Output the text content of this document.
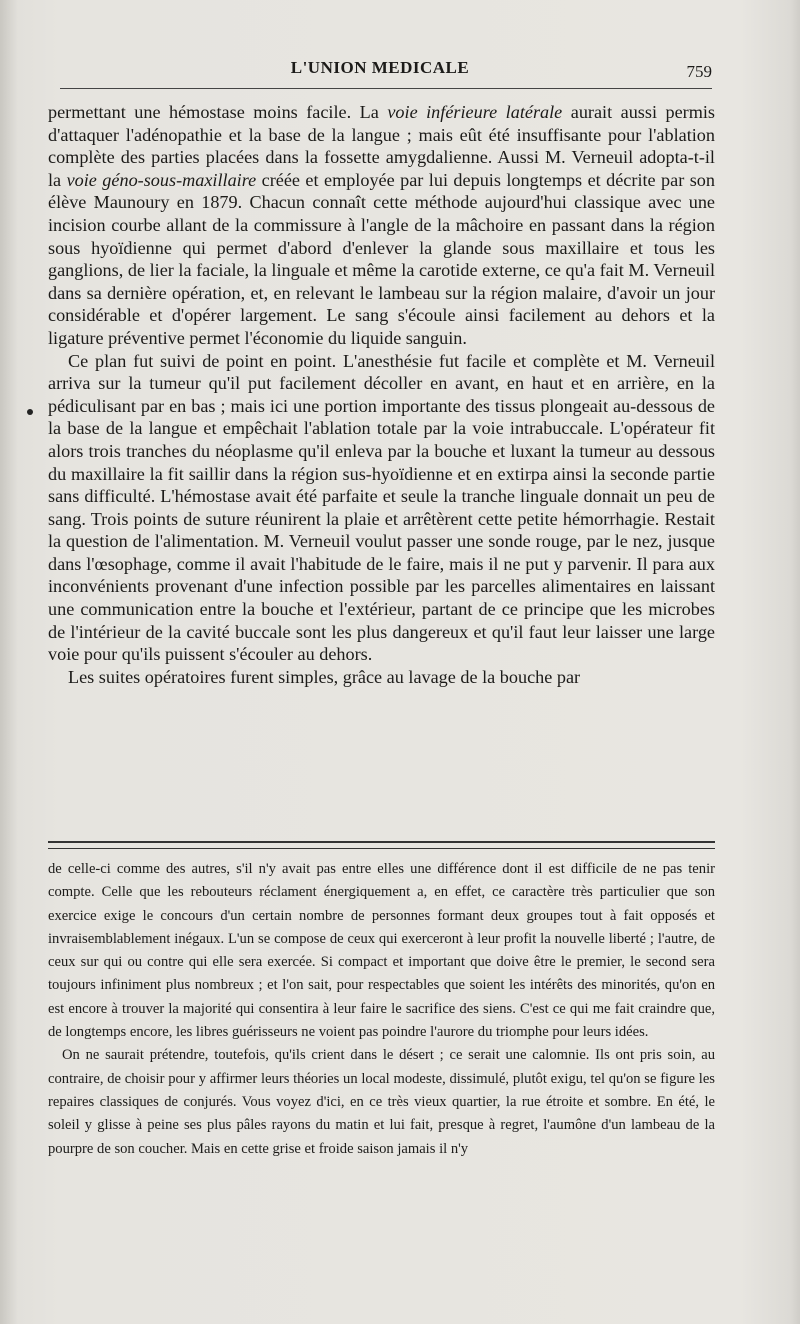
L'UNION MEDICALE	759

permettant une hémostase moins facile. La voie inférieure latérale aurait aussi permis d'attaquer l'adénopathie et la base de la langue ; mais eût été insuffisante pour l'ablation complète des parties placées dans la fossette amygdalienne. Aussi M. Verneuil adopta-t-il la voie géno-sous-maxillaire créée et employée par lui depuis longtemps et décrite par son élève Maunoury en 1879. Chacun connaît cette méthode aujourd'hui classique avec une incision courbe allant de la commissure à l'angle de la mâchoire en passant dans la région sous hyoïdienne qui permet d'abord d'enlever la glande sous maxillaire et tous les ganglions, de lier la faciale, la linguale et même la carotide externe, ce qu'a fait M. Verneuil dans sa dernière opération, et, en relevant le lambeau sur la région malaire, d'avoir un jour considérable et d'opérer largement. Le sang s'écoule ainsi facilement au dehors et la ligature préventive permet l'économie du liquide sanguin.

Ce plan fut suivi de point en point. L'anesthésie fut facile et complète et M. Verneuil arriva sur la tumeur qu'il put facilement décoller en avant, en haut et en arrière, en la pédiculisant par en bas ; mais ici une portion importante des tissus plongeait au-dessous de la base de la langue et empêchait l'ablation totale par la voie intrabuccale. L'opérateur fit alors trois tranches du néoplasme qu'il enleva par la bouche et luxant la tumeur au dessous du maxillaire la fit saillir dans la région sus-hyoïdienne et en extirpa ainsi la seconde partie sans difficulté. L'hémostase avait été parfaite et seule la tranche linguale donnait un peu de sang. Trois points de suture réunirent la plaie et arrêtèrent cette petite hémorrhagie. Restait la question de l'alimentation. M. Verneuil voulut passer une sonde rouge, par le nez, jusque dans l'œsophage, comme il avait l'habitude de le faire, mais il ne put y parvenir. Il para aux inconvénients provenant d'une infection possible par les parcelles alimentaires en laissant une communication entre la bouche et l'extérieur, partant de ce principe que les microbes de l'intérieur de la cavité buccale sont les plus dangereux et qu'il faut leur laisser une large voie pour qu'ils puissent s'écouler au dehors.

Les suites opératoires furent simples, grâce au lavage de la bouche par

de celle-ci comme des autres, s'il n'y avait pas entre elles une différence dont il est difficile de ne pas tenir compte. Celle que les rebouteurs réclament énergiquement a, en effet, ce caractère très particulier que son exercice exige le concours d'un certain nombre de personnes formant deux groupes tout à fait opposés et invraisemblablement inégaux. L'un se compose de ceux qui exerceront à leur profit la nouvelle liberté ; l'autre, de ceux sur qui ou contre qui elle sera exercée. Si compact et important que doive être le premier, le second sera toujours infiniment plus nombreux ; et l'on sait, pour respectables que soient les intérêts des minorités, qu'on en est encore à trouver la majorité qui consentira à leur faire le sacrifice des siens. C'est ce qui me fait craindre que, de longtemps encore, les libres guérisseurs ne voient pas poindre l'aurore du triomphe pour leurs idées.

On ne saurait prétendre, toutefois, qu'ils crient dans le désert ; ce serait une calomnie. Ils ont pris soin, au contraire, de choisir pour y affirmer leurs théories un local modeste, dissimulé, plutôt exigu, tel qu'on se figure les repaires classiques de conjurés. Vous voyez d'ici, en ce très vieux quartier, la rue étroite et sombre. En été, le soleil y glisse à peine ses plus pâles rayons du matin et lui fait, presque à regret, l'aumône d'un lambeau de la pourpre de son coucher. Mais en cette grise et froide saison jamais il n'y
